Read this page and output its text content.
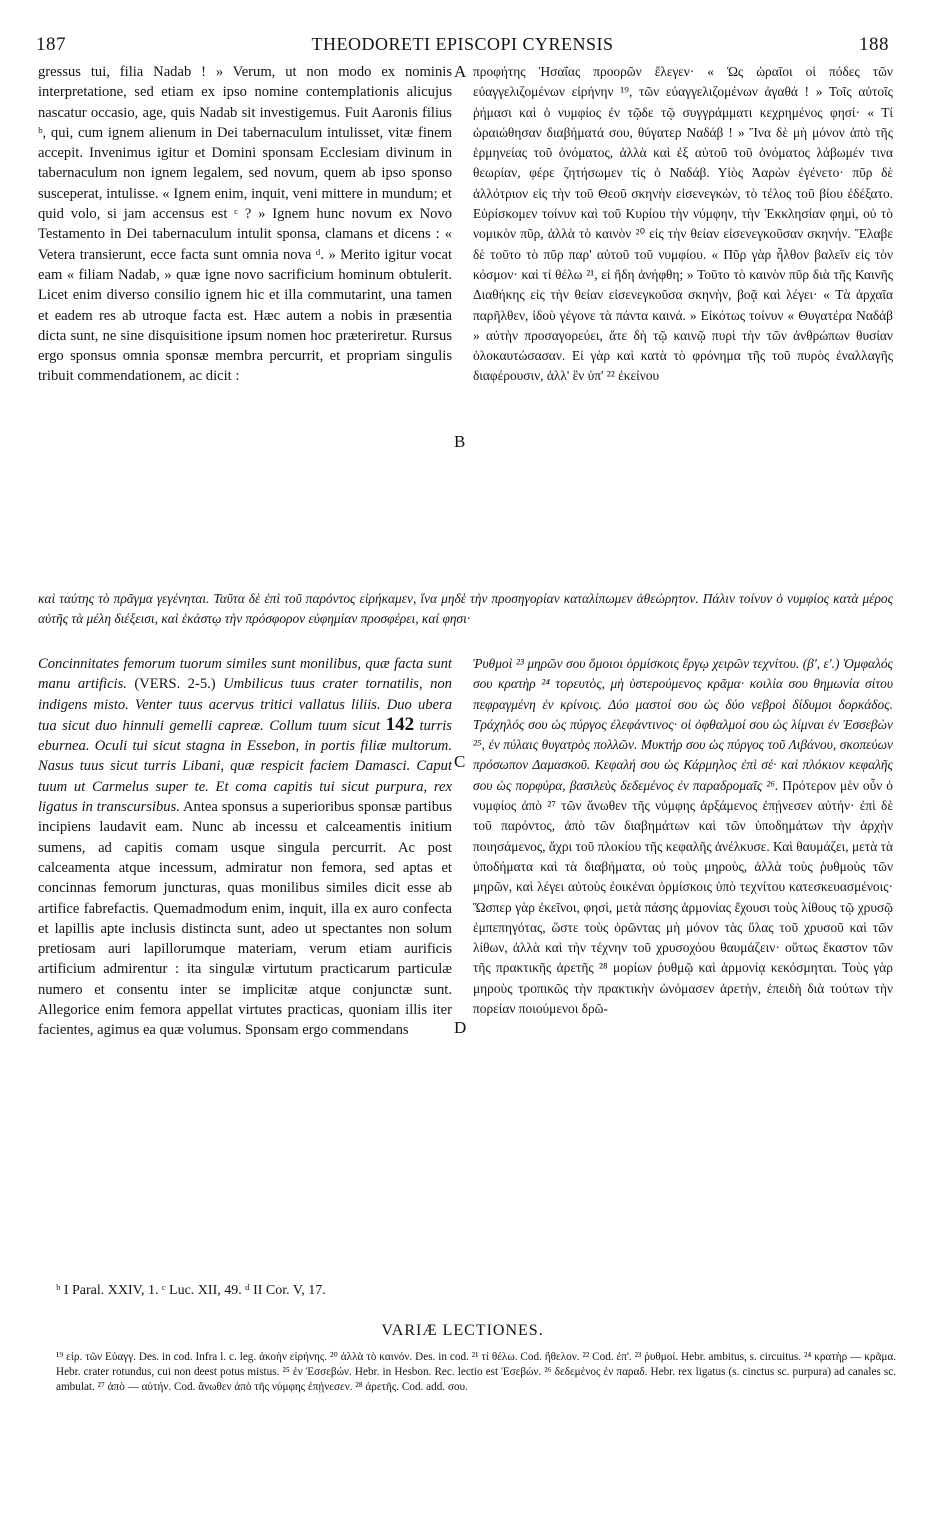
187	THEODORETI EPISCOPI CYRENSIS	188

gressus tui, filia Nadab ! » Verum, ut non modo ex nominis interpretatione, sed etiam ex ipso nomine contemplationis alicujus nascatur occasio, age, quis Nadab sit investigemus. Fuit Aaronis filius ᵇ, qui, cum ignem alienum in Dei tabernaculum intulisset, vitæ finem accepit. Invenimus igitur et Domini sponsam Ecclesiam divinum in tabernaculum non ignem legalem, sed novum, quem ab ipso sponso susceperat, intulisse. « Ignem enim, inquit, veni mittere in mundum; et quid volo, si jam accensus est ᶜ ? » Ignem hunc novum ex Novo Testamento in Dei tabernaculum intulit sponsa, clamans et dicens : « Vetera transierunt, ecce facta sunt omnia nova ᵈ. » Merito igitur vocat eam « filiam Nadab, » quæ igne novo sacrificium hominum obtulerit. Licet enim diverso consilio ignem hic et illa commutarint, una tamen et eadem res ab utroque facta est. Hæc autem a nobis in præsentia dicta sunt, ne sine disquisitione ipsum nomen hoc præteriretur. Rursus ergo sponsus omnia sponsæ membra percurrit, et propriam singulis tribuit commendationem, ac dicit :

A
B

προφήτης Ἠσαΐας προορῶν ἔλεγεν· « Ὡς ὡραῖοι οἱ πόδες τῶν εὐαγγελιζομένων εἰρήνην ¹⁹, τῶν εὐαγγελιζομένων ἀγαθά ! » Τοῖς αὐτοῖς ῥήμασι καὶ ὁ νυμφίος ἐν τῷδε τῷ συγγράμματι κεχρημένος φησί· « Τί ὡραιώθησαν διαβήματά σου, θύγατερ Ναδάβ ! » Ἵνα δὲ μὴ μόνον ἀπὸ τῆς ἑρμηνείας τοῦ ὀνόματος, ἀλλὰ καὶ ἐξ αὐτοῦ τοῦ ὀνόματος λάβωμέν τινα θεωρίαν, φέρε ζητήσωμεν τίς ὁ Ναδάβ. Υἱὸς Ἀαρὼν ἐγένετο· πῦρ δὲ ἀλλότριον εἰς τὴν τοῦ Θεοῦ σκηνὴν εἰσενεγκὼν, τὸ τέλος τοῦ βίου ἐδέξατο. Εὑρίσκομεν τοίνυν καὶ τοῦ Κυρίου τὴν νύμφην, τὴν Ἐκκλησίαν φημὶ, οὐ τὸ νομικὸν πῦρ, ἀλλὰ τὸ καινὸν ²⁰ εἰς τὴν θείαν εἰσενεγκοῦσαν σκηνήν. Ἔλαβε δὲ τοῦτο τὸ πῦρ παρ' αὐτοῦ τοῦ νυμφίου. « Πῦρ γὰρ ἦλθον βαλεῖν εἰς τὸν κόσμον· καὶ τί θέλω ²¹, εἰ ἤδη ἀνήφθη; » Τοῦτο τὸ καινὸν πῦρ διὰ τῆς Καινῆς Διαθήκης εἰς τὴν θείαν εἰσενεγκοῦσα σκηνὴν, βοᾷ καὶ λέγει· « Τὰ ἀρχαῖα παρῆλθεν, ἰδοὺ γέγονε τὰ πάντα καινά. » Εἰκότως τοίνυν « Θυγατέρα Ναδάβ » αὐτὴν προσαγορεύει, ἅτε δὴ τῷ καινῷ πυρὶ τὴν τῶν ἀνθρώπων θυσίαν ὁλοκαυτώσασαν. Εἰ γὰρ καὶ κατὰ τὸ φρόνημα τῆς τοῦ πυρὸς ἐναλλαγῆς διαφέρουσιν, ἀλλ' ἓν ὑπ' ²² ἐκείνου

καὶ ταύτης τὸ πρᾶγμα γεγένηται. Ταῦτα δὲ ἐπὶ τοῦ παρόντος εἰρήκαμεν, ἵνα μηδὲ τὴν προσηγορίαν καταλίπωμεν ἀθεώρητον. Πάλιν τοίνυν ὁ νυμφίος κατὰ μέρος αὐτῆς τὰ μέλη διέξεισι, καὶ ἑκάστῳ τὴν πρόσφορον εὐφημίαν προσφέρει, καί φησι·

Concinnitates femorum tuorum similes sunt monilibus, quæ facta sunt manu artificis. (VERS. 2-5.) Umbilicus tuus crater tornatilis, non indigens misto. Venter tuus acervus tritici vallatus liliis. Duo ubera tua sicut duo hinnuli gemelli capreæ. Collum tuum sicut 142 turris eburnea. Oculi tui sicut stagna in Essebon, in portis filiæ multorum. Nasus tuus sicut turris Libani, quæ respicit faciem Damasci. Caput tuum ut Carmelus super te. Et coma capitis tui sicut purpura, rex ligatus in transcursibus. Antea sponsus a superioribus sponsæ partibus incipiens laudavit eam. Nunc ab incessu et calceamentis initium sumens, ad capitis comam usque singula percurrit. Ac post calceamenta atque incessum, admiratur non femora, sed aptas et concinnas femorum juncturas, quas monilibus similes dicit esse ab artifice fabrefactis. Quemadmodum enim, inquit, illa ex auro confecta et lapillis apte inclusis distincta sunt, adeo ut spectantes non solum pretiosam auri lapillorumque materiam, verum etiam aurificis artificium admirentur : ita singulæ virtutum practicarum particulæ numero et consentu inter se implicitæ atque conjunctæ sunt. Allegorice enim femora appellat virtutes practicas, quoniam illis iter facientes, agimus ea quæ volumus. Sponsam ergo commendans

C
D

Ῥυθμοὶ ²³ μηρῶν σου ὅμοιοι ὁρμίσκοις ἔργῳ χειρῶν τεχνίτου. (β', ε'.) Ὀμφαλός σου κρατὴρ ²⁴ τορευτὸς, μὴ ὑστερούμενος κρᾶμα· κοιλία σου θημωνία σίτου πεφραγμένη ἐν κρίνοις. Δύο μαστοί σου ὡς δύο νεβροὶ δίδυμοι δορκάδος. Τράχηλός σου ὡς πύργος ἐλεφάντινος· οἱ ὀφθαλμοί σου ὡς λίμναι ἐν Ἐσσεβὼν ²⁵, ἐν πύλαις θυγατρὸς πολλῶν. Μυκτήρ σου ὡς πύργος τοῦ Λιβάνου, σκοπεύων πρόσωπον Δαμασκοῦ. Κεφαλή σου ὡς Κάρμηλος ἐπὶ σέ· καὶ πλόκιον κεφαλῆς σου ὡς πορφύρα, βασιλεὺς δεδεμένος ἐν παραδρομαῖς ²⁶. Πρότερον μὲν οὖν ὁ νυμφίος ἀπὸ ²⁷ τῶν ἄνωθεν τῆς νύμφης ἀρξάμενος ἐπῄνεσεν αὐτήν· ἐπὶ δὲ τοῦ παρόντος, ἀπὸ τῶν διαβημάτων καὶ τῶν ὑποδημάτων τὴν ἀρχὴν ποιησάμενος, ἄχρι τοῦ πλοκίου τῆς κεφαλῆς ἀνέλκυσε. Καὶ θαυμάζει, μετὰ τὰ ὑποδήματα καὶ τὰ διαβήματα, οὐ τοὺς μηροὺς, ἀλλὰ τοὺς ῥυθμοὺς τῶν μηρῶν, καὶ λέγει αὐτοὺς ἐοικέναι ὁρμίσκοις ὑπὸ τεχνίτου κατεσκευασμένοις· Ὥσπερ γὰρ ἐκεῖνοι, φησὶ, μετὰ πάσης ἁρμονίας ἔχουσι τοὺς λίθους τῷ χρυσῷ ἐμπεπηγότας, ὥστε τοὺς ὁρῶντας μὴ μόνον τὰς ὕλας τοῦ χρυσοῦ καὶ τῶν λίθων, ἀλλὰ καὶ τὴν τέχνην τοῦ χρυσοχόου θαυμάζειν· οὕτως ἕκαστον τῶν τῆς πρακτικῆς ἀρετῆς ²⁸ μορίων ῥυθμῷ καὶ ἁρμονίᾳ κεκόσμηται. Τοὺς γὰρ μηροὺς τροπικῶς τὴν πρακτικὴν ὠνόμασεν ἀρετὴν, ἐπειδὴ διὰ τούτων τὴν πορείαν ποιούμενοι δρῶ-

ᵇ I Paral. XXIV, 1. ᶜ Luc. XII, 49. ᵈ II Cor. V, 17.
VARIÆ LECTIONES.
¹⁹ εἰρ. τῶν Εὐαγγ. Des. in cod. Infra l. c. leg. ἀκοὴν εἰρήνης. ²⁰ ἀλλὰ τὸ καινόν. Des. in cod. ²¹ τί θέλω. Cod. ἤθελον. ²² Cod. ἐπ'. ²³ ῥυθμοί. Hebr. ambitus, s. circuitus. ²⁴ κρατὴρ — κρᾶμα. Hebr. crater rotundus, cui non deest potus mistus. ²⁵ ἐν Ἐσσεβών. Hebr. in Hesbon. Rec. lectio est Ἐσεβών. ²⁶ δεδεμένος ἐν παραδ. Hebr. rex ligatus (s. cinctus sc. purpura) ad canales sc. ambulat. ²⁷ ἀπὸ — αὐτήν. Cod. ἄνωθεν ἀπὸ τῆς νύμφης ἐπῄνεσεν. ²⁸ ἀρετῆς. Cod. add. σου.
